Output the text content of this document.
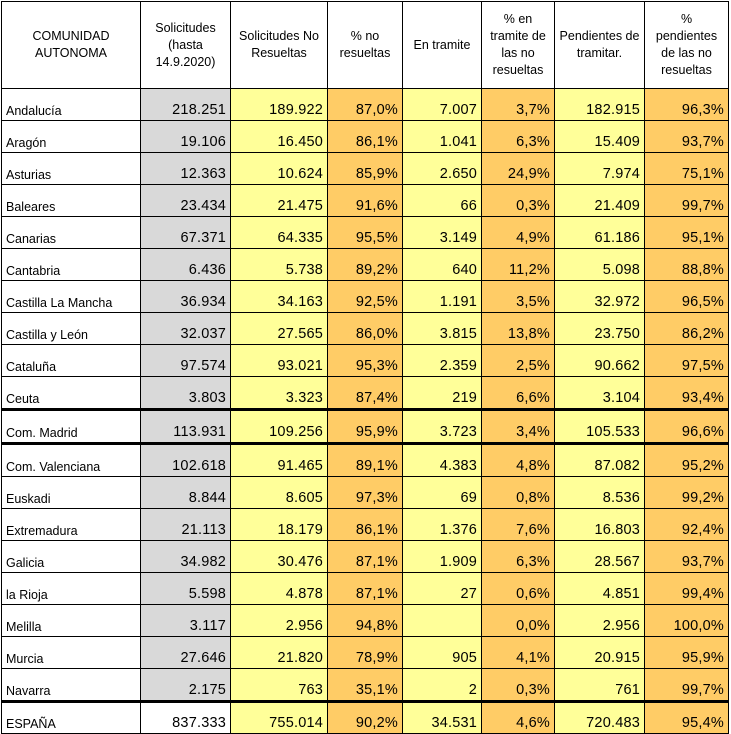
COMUNIDAD AUTONOMA	Solicitudes (hasta 14.9.2020)	Solicitudes No Resueltas	% no resueltas	En tramite	% en tramite de las no resueltas	Pendientes de tramitar.	% pendientes de las no resueltas
Andalucía	218.251	189.922	87,0%	7.007	3,7%	182.915	96,3%
Aragón	19.106	16.450	86,1%	1.041	6,3%	15.409	93,7%
Asturias	12.363	10.624	85,9%	2.650	24,9%	7.974	75,1%
Baleares	23.434	21.475	91,6%	66	0,3%	21.409	99,7%
Canarias	67.371	64.335	95,5%	3.149	4,9%	61.186	95,1%
Cantabria	6.436	5.738	89,2%	640	11,2%	5.098	88,8%
Castilla La Mancha	36.934	34.163	92,5%	1.191	3,5%	32.972	96,5%
Castilla y León	32.037	27.565	86,0%	3.815	13,8%	23.750	86,2%
Cataluña	97.574	93.021	95,3%	2.359	2,5%	90.662	97,5%
Ceuta	3.803	3.323	87,4%	219	6,6%	3.104	93,4%
Com. Madrid	113.931	109.256	95,9%	3.723	3,4%	105.533	96,6%
Com. Valenciana	102.618	91.465	89,1%	4.383	4,8%	87.082	95,2%
Euskadi	8.844	8.605	97,3%	69	0,8%	8.536	99,2%
Extremadura	21.113	18.179	86,1%	1.376	7,6%	16.803	92,4%
Galicia	34.982	30.476	87,1%	1.909	6,3%	28.567	93,7%
la Rioja	5.598	4.878	87,1%	27	0,6%	4.851	99,4%
Melilla	3.117	2.956	94,8%		0,0%	2.956	100,0%
Murcia	27.646	21.820	78,9%	905	4,1%	20.915	95,9%
Navarra	2.175	763	35,1%	2	0,3%	761	99,7%
ESPAÑA	837.333	755.014	90,2%	34.531	4,6%	720.483	95,4%
